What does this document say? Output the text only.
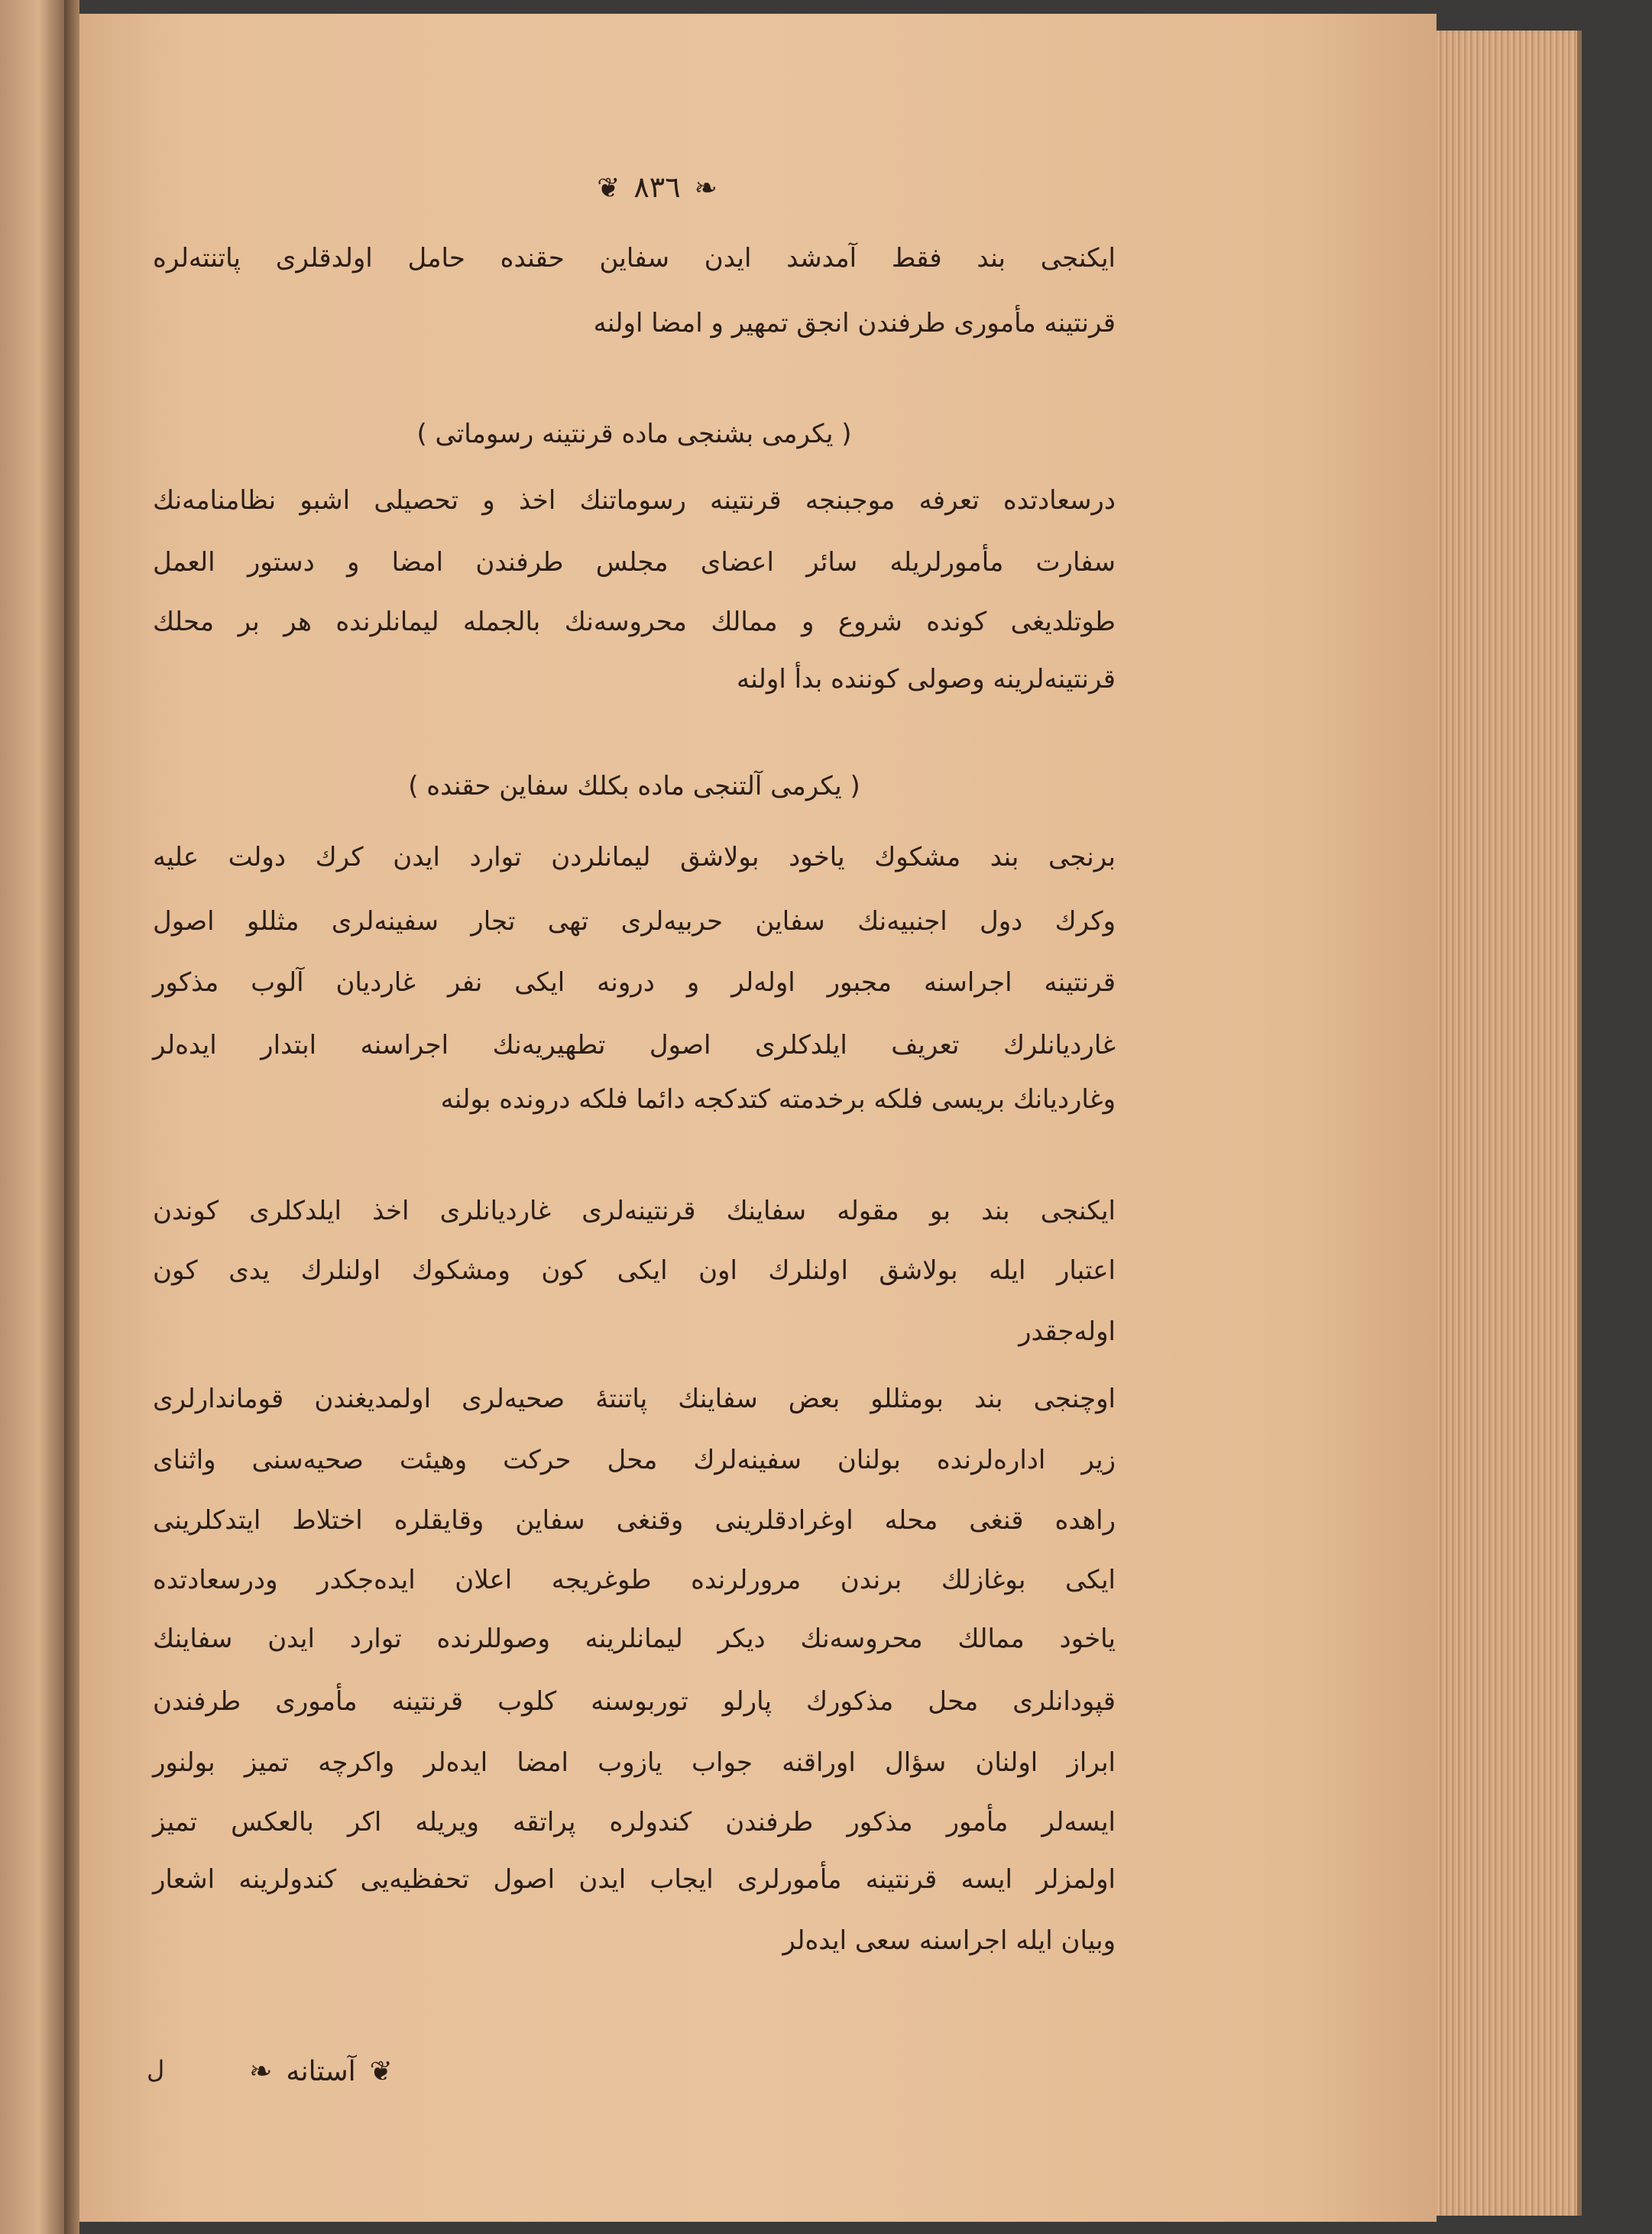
❦ ٨٣٦ ❧
ایكنجی بند فقط آمدشد ایدن سفاین حقنده حامل اولدقلری پاتنته‌لره
قرنتینه مأموری طرفندن انجق تمهیر و امضا اولنه
( یكرمی بشنجی ماده قرنتینه رسوماتی )
درسعادتده تعرفه موجبنجه قرنتینه رسوماتنك اخذ و تحصیلی اشبو نظامنامه‌نك
سفارت مأمورلریله سائر اعضای مجلس طرفندن امضا و دستور العمل
طوتلدیغی كونده شروع و ممالك محروسه‌نك بالجمله لیمانلرنده هر بر محلك
قرنتینه‌لرینه وصولی كوننده بدأ اولنه
( یكرمی آلتنجی ماده بكلك سفاین حقنده )
برنجی بند مشكوك یاخود بولاشق لیمانلردن توارد ایدن كرك دولت علیه
وكرك دول اجنبیه‌نك سفاین حربیه‌لری تهی تجار سفینه‌لری مثللو اصول
قرنتینه اجراسنه مجبور اوله‌لر و درونه ایكی نفر غاردیان آلوب مذكور
غاردیانلرك تعریف ایلدكلری اصول تطهیریه‌نك اجراسنه ابتدار ایده‌لر
وغاردیانك بریسی فلكه برخدمته كتدكجه دائما فلكه درونده بولنه
ایكنجی بند بو مقوله سفاینك قرنتینه‌لری غاردیانلری اخذ ایلدكلری كوندن
اعتبار ایله بولاشق اولنلرك اون ایكی كون ومشكوك اولنلرك یدی كون
اوله‌جقدر
اوچنجی بند بومثللو بعض سفاینك پاتنته‌ٔ صحیه‌لری اولمدیغندن قوماندارلری
زیر اداره‌لرنده بولنان سفینه‌لرك محل حركت وهیئت صحیه‌سنی واثنای
راهده قنغی محله اوغرادقلرینی وقنغی سفاین وقایقلره اختلاط ایتدكلرینی
ایكی بوغازلك برندن مرورلرنده طوغریجه اعلان ایده‌جكدر ودرسعادتده
یاخود ممالك محروسه‌نك دیكر لیمانلرینه وصوللرنده توارد ایدن سفاینك
قپودانلری محل مذكورك پارلو توربوسنه كلوب قرنتینه مأموری طرفندن
ابراز اولنان سؤال اوراقنه جواب یازوب امضا ایده‌لر واكرچه تمیز بولنور
ایسه‌لر مأمور مذكور طرفندن كندولره پراتقه ویریله اكر بالعكس تمیز
اولمزلر ایسه قرنتینه مأمورلری ایجاب ایدن اصول تحفظیه‌یی كندولرینه اشعار
وبیان ایله اجراسنه سعی ایده‌لر
❦آستانه❧
ل
